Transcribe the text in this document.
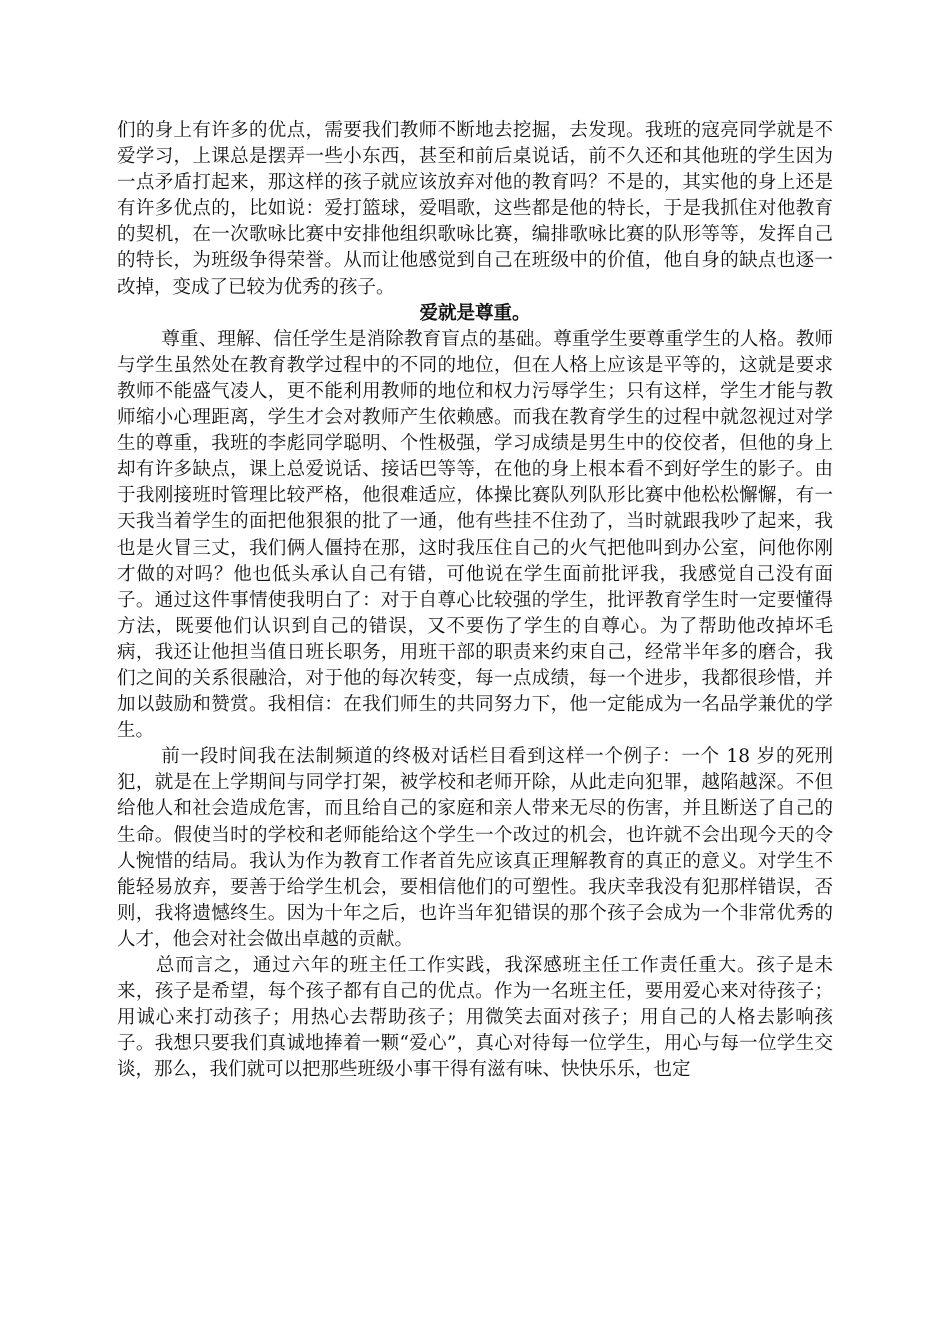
们的身上有许多的优点，需要我们教师不断地去挖掘，去发现。我班的寇亮同学就是不爱学习，上课总是摆弄一些小东西，甚至和前后桌说话，前不久还和其他班的学生因为一点矛盾打起来，那这样的孩子就应该放弃对他的教育吗？不是的，其实他的身上还是有许多优点的，比如说：爱打篮球，爱唱歌，这些都是他的特长，于是我抓住对他教育的契机，在一次歌咏比赛中安排他组织歌咏比赛，编排歌咏比赛的队形等等，发挥自己的特长，为班级争得荣誉。从而让他感觉到自己在班级中的价值，他自身的缺点也逐一改掉，变成了已较为优秀的孩子。

爱就是尊重。

尊重、理解、信任学生是消除教育盲点的基础。尊重学生要尊重学生的人格。教师与学生虽然处在教育教学过程中的不同的地位，但在人格上应该是平等的，这就是要求教师不能盛气凌人，更不能利用教师的地位和权力污辱学生；只有这样，学生才能与教师缩小心理距离，学生才会对教师产生依赖感。而我在教育学生的过程中就忽视过对学生的尊重，我班的李彪同学聪明、个性极强，学习成绩是男生中的佼佼者，但他的身上却有许多缺点，课上总爱说话、接话巴等等，在他的身上根本看不到好学生的影子。由于我刚接班时管理比较严格，他很难适应，体操比赛队列队形比赛中他松松懈懈，有一天我当着学生的面把他狠狠的批了一通，他有些挂不住劲了，当时就跟我吵了起来，我也是火冒三丈，我们俩人僵持在那，这时我压住自己的火气把他叫到办公室，问他你刚才做的对吗？他也低头承认自己有错，可他说在学生面前批评我，我感觉自己没有面子。通过这件事情使我明白了：对于自尊心比较强的学生，批评教育学生时一定要懂得方法，既要他们认识到自己的错误，又不要伤了学生的自尊心。为了帮助他改掉坏毛病，我还让他担当值日班长职务，用班干部的职责来约束自己，经常半年多的磨合，我们之间的关系很融洽，对于他的每次转变，每一点成绩，每一个进步，我都很珍惜，并加以鼓励和赞赏。我相信：在我们师生的共同努力下，他一定能成为一名品学兼优的学生。

前一段时间我在法制频道的终极对话栏目看到这样一个例子：一个 18 岁的死刑犯，就是在上学期间与同学打架，被学校和老师开除，从此走向犯罪，越陷越深。不但给他人和社会造成危害，而且给自己的家庭和亲人带来无尽的伤害，并且断送了自己的生命。假使当时的学校和老师能给这个学生一个改过的机会，也许就不会出现今天的令人惋惜的结局。我认为作为教育工作者首先应该真正理解教育的真正的意义。对学生不能轻易放弃，要善于给学生机会，要相信他们的可塑性。我庆幸我没有犯那样错误，否则，我将遗憾终生。因为十年之后，也许当年犯错误的那个孩子会成为一个非常优秀的人才，他会对社会做出卓越的贡献。

总而言之，通过六年的班主任工作实践，我深感班主任工作责任重大。孩子是未来，孩子是希望，每个孩子都有自己的优点。作为一名班主任，要用爱心来对待孩子；用诚心来打动孩子；用热心去帮助孩子；用微笑去面对孩子；用自己的人格去影响孩子。我想只要我们真诚地捧着一颗“爱心”，真心对待每一位学生，用心与每一位学生交谈，那么，我们就可以把那些班级小事干得有滋有味、快快乐乐，也定
